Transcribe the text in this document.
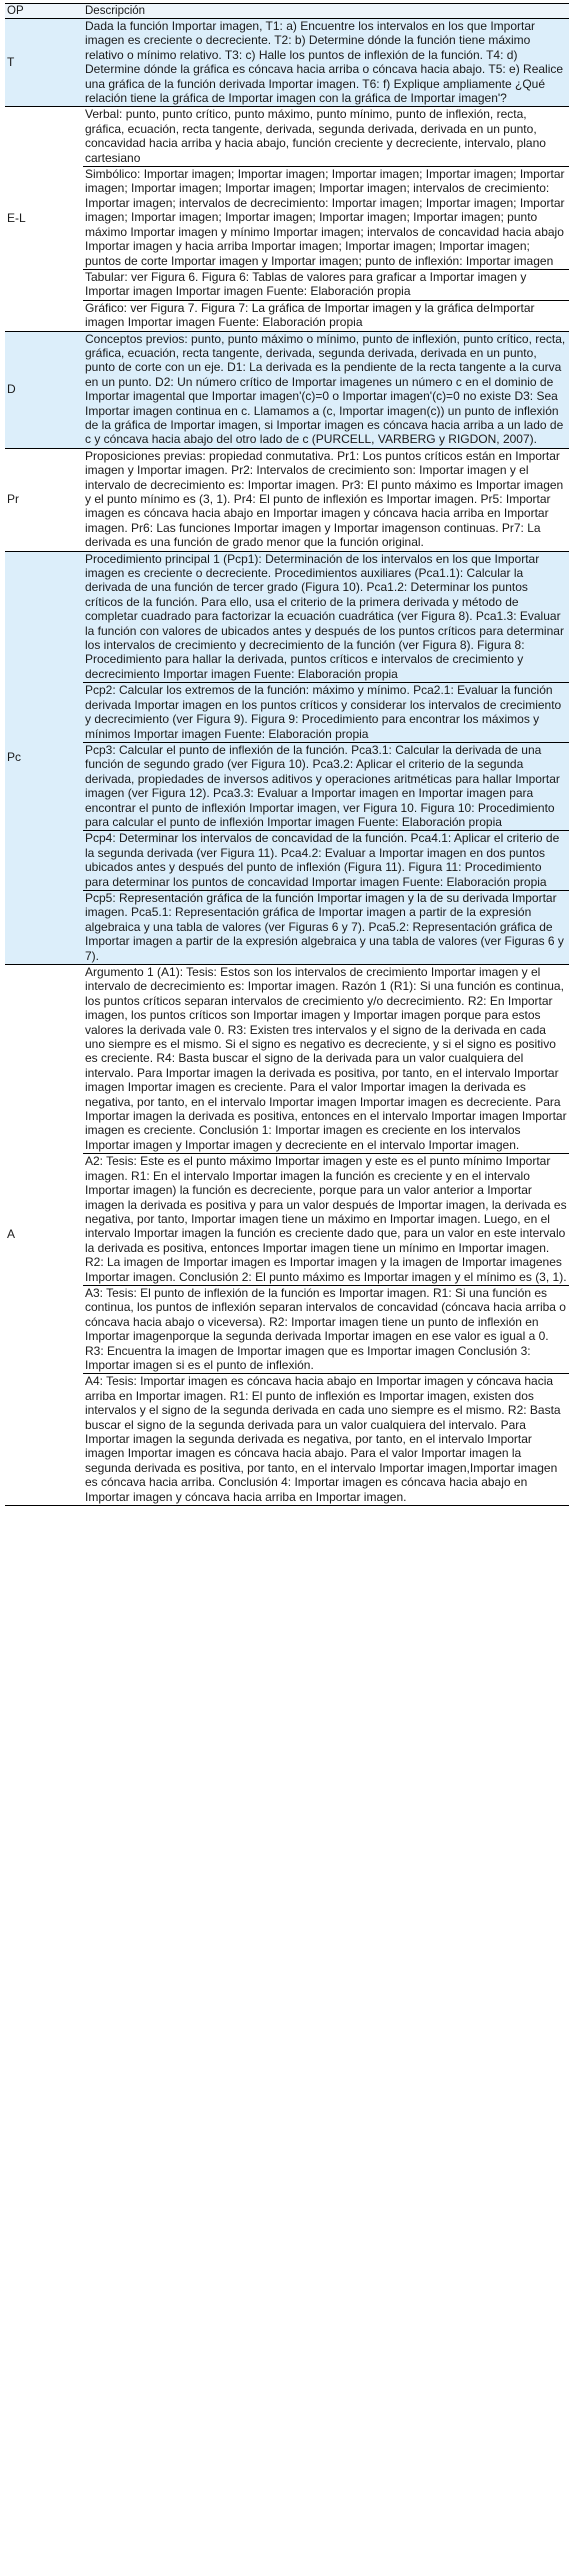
OP	Descripción
T	Dada la función Importar imagen, T1: a) Encuentre los intervalos en los que Importar imagen es creciente o decreciente. T2: b) Determine dónde la función tiene máximo relativo o mínimo relativo. T3: c) Halle los puntos de inflexión de la función. T4: d) Determine dónde la gráfica es cóncava hacia arriba o cóncava hacia abajo. T5: e) Realice una gráfica de la función derivada Importar imagen. T6: f) Explique ampliamente ¿Qué relación tiene la gráfica de Importar imagen con la gráfica de Importar imagen'?
E-L	Verbal: punto, punto crítico, punto máximo, punto mínimo, punto de inflexión, recta, gráfica, ecuación, recta tangente, derivada, segunda derivada, derivada en un punto, concavidad hacia arriba y hacia abajo, función creciente y decreciente, intervalo, plano cartesiano
	Simbólico: Importar imagen; Importar imagen; Importar imagen; Importar imagen; Importar imagen; Importar imagen; Importar imagen; Importar imagen; intervalos de crecimiento: Importar imagen; intervalos de decrecimiento: Importar imagen; Importar imagen; Importar imagen; Importar imagen; Importar imagen; Importar imagen; Importar imagen; punto máximo Importar imagen y mínimo Importar imagen; intervalos de concavidad hacia abajo Importar imagen y hacia arriba Importar imagen; Importar imagen; Importar imagen; puntos de corte Importar imagen y Importar imagen; punto de inflexión: Importar imagen
	Tabular: ver Figura 6. Figura 6: Tablas de valores para graficar a Importar imagen y Importar imagen Importar imagen Fuente: Elaboración propia
	Gráfico: ver Figura 7. Figura 7: La gráfica de Importar imagen y la gráfica deImportar imagen Importar imagen Fuente: Elaboración propia
D	Conceptos previos: punto, punto máximo o mínimo, punto de inflexión, punto crítico, recta, gráfica, ecuación, recta tangente, derivada, segunda derivada, derivada en un punto, punto de corte con un eje. D1: La derivada es la pendiente de la recta tangente a la curva en un punto. D2: Un número crítico de Importar imagenes un número c en el dominio de Importar imagental que Importar imagen'(c)=0 o Importar imagen'(c)=0 no existe D3: Sea Importar imagen continua en c. Llamamos a (c, Importar imagen(c)) un punto de inflexión de la gráfica de Importar imagen, si Importar imagen es cóncava hacia arriba a un lado de c y cóncava hacia abajo del otro lado de c (PURCELL, VARBERG y RIGDON, 2007).
Pr	Proposiciones previas: propiedad conmutativa. Pr1: Los puntos críticos están en Importar imagen y Importar imagen. Pr2: Intervalos de crecimiento son: Importar imagen y el intervalo de decrecimiento es: Importar imagen. Pr3: El punto máximo es Importar imagen y el punto mínimo es (3, 1). Pr4: El punto de inflexión es Importar imagen. Pr5: Importar imagen es cóncava hacia abajo en Importar imagen y cóncava hacia arriba en Importar imagen. Pr6: Las funciones Importar imagen y Importar imagenson continuas. Pr7: La derivada es una función de grado menor que la función original.
Pc	Procedimiento principal 1 (Pcp1): Determinación de los intervalos en los que Importar imagen es creciente o decreciente. Procedimientos auxiliares (Pca1.1): Calcular la derivada de una función de tercer grado (Figura 10). Pca1.2: Determinar los puntos críticos de la función. Para ello, usa el criterio de la primera derivada y método de completar cuadrado para factorizar la ecuación cuadrática (ver Figura 8). Pca1.3: Evaluar la función con valores de ubicados antes y después de los puntos críticos para determinar los intervalos de crecimiento y decrecimiento de la función (ver Figura 8). Figura 8: Procedimiento para hallar la derivada, puntos críticos e intervalos de crecimiento y decrecimiento Importar imagen Fuente: Elaboración propia
	Pcp2: Calcular los extremos de la función: máximo y mínimo. Pca2.1: Evaluar la función derivada Importar imagen en los puntos críticos y considerar los intervalos de crecimiento y decrecimiento (ver Figura 9). Figura 9: Procedimiento para encontrar los máximos y mínimos Importar imagen Fuente: Elaboración propia
	Pcp3: Calcular el punto de inflexión de la función. Pca3.1: Calcular la derivada de una función de segundo grado (ver Figura 10). Pca3.2: Aplicar el criterio de la segunda derivada, propiedades de inversos aditivos y operaciones aritméticas para hallar Importar imagen (ver Figura 12). Pca3.3: Evaluar a Importar imagen en Importar imagen para encontrar el punto de inflexión Importar imagen, ver Figura 10. Figura 10: Procedimiento para calcular el punto de inflexión Importar imagen Fuente: Elaboración propia
	Pcp4: Determinar los intervalos de concavidad de la función. Pca4.1: Aplicar el criterio de la segunda derivada (ver Figura 11). Pca4.2: Evaluar a Importar imagen en dos puntos ubicados antes y después del punto de inflexión (Figura 11). Figura 11: Procedimiento para determinar los puntos de concavidad Importar imagen Fuente: Elaboración propia
	Pcp5: Representación gráfica de la función Importar imagen y la de su derivada Importar imagen. Pca5.1: Representación gráfica de Importar imagen a partir de la expresión algebraica y una tabla de valores (ver Figuras 6 y 7). Pca5.2: Representación gráfica de Importar imagen a partir de la expresión algebraica y una tabla de valores (ver Figuras 6 y 7).
A	Argumento 1 (A1): Tesis: Estos son los intervalos de crecimiento Importar imagen y el intervalo de decrecimiento es: Importar imagen. Razón 1 (R1): Si una función es continua, los puntos críticos separan intervalos de crecimiento y/o decrecimiento. R2: En Importar imagen, los puntos críticos son Importar imagen y Importar imagen porque para estos valores la derivada vale 0. R3: Existen tres intervalos y el signo de la derivada en cada uno siempre es el mismo. Si el signo es negativo es decreciente, y si el signo es positivo es creciente. R4: Basta buscar el signo de la derivada para un valor cualquiera del intervalo. Para Importar imagen la derivada es positiva, por tanto, en el intervalo Importar imagen Importar imagen es creciente. Para el valor Importar imagen la derivada es negativa, por tanto, en el intervalo Importar imagen Importar imagen es decreciente. Para Importar imagen la derivada es positiva, entonces en el intervalo Importar imagen Importar imagen es creciente. Conclusión 1: Importar imagen es creciente en los intervalos Importar imagen y Importar imagen y decreciente en el intervalo Importar imagen.
	A2: Tesis: Este es el punto máximo Importar imagen y este es el punto mínimo Importar imagen. R1: En el intervalo Importar imagen la función es creciente y en el intervalo Importar imagen) la función es decreciente, porque para un valor anterior a Importar imagen la derivada es positiva y para un valor después de Importar imagen, la derivada es negativa, por tanto, Importar imagen tiene un máximo en Importar imagen. Luego, en el intervalo Importar imagen la función es creciente dado que, para un valor en este intervalo la derivada es positiva, entonces Importar imagen tiene un mínimo en Importar imagen. R2: La imagen de Importar imagen es Importar imagen y la imagen de Importar imagenes Importar imagen. Conclusión 2: El punto máximo es Importar imagen y el mínimo es (3, 1).
	A3: Tesis: El punto de inflexión de la función es Importar imagen. R1: Si una función es continua, los puntos de inflexión separan intervalos de concavidad (cóncava hacia arriba o cóncava hacia abajo o viceversa). R2: Importar imagen tiene un punto de inflexión en Importar imagenporque la segunda derivada Importar imagen en ese valor es igual a 0. R3: Encuentra la imagen de Importar imagen que es Importar imagen Conclusión 3: Importar imagen si es el punto de inflexión.
	A4: Tesis: Importar imagen es cóncava hacia abajo en Importar imagen y cóncava hacia arriba en Importar imagen. R1: El punto de inflexión es Importar imagen, existen dos intervalos y el signo de la segunda derivada en cada uno siempre es el mismo. R2: Basta buscar el signo de la segunda derivada para un valor cualquiera del intervalo. Para Importar imagen la segunda derivada es negativa, por tanto, en el intervalo Importar imagen Importar imagen es cóncava hacia abajo. Para el valor Importar imagen la segunda derivada es positiva, por tanto, en el intervalo Importar imagen,Importar imagen es cóncava hacia arriba. Conclusión 4: Importar imagen es cóncava hacia abajo en Importar imagen y cóncava hacia arriba en Importar imagen.
